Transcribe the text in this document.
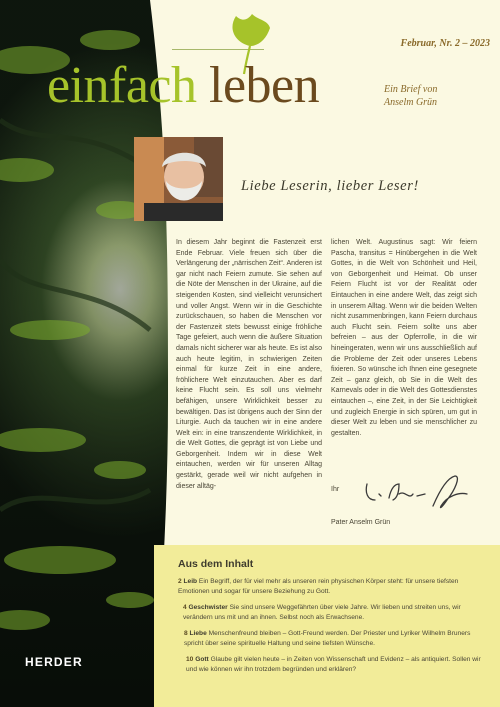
Februar, Nr. 2 – 2023
einfach leben	Ein Brief von
Anselm Grün
Liebe Leserin, lieber Leser!
In diesem Jahr beginnt die Fastenzeit erst Ende Februar. Viele freuen sich über die Verlängerung der „närrischen Zeit“. Anderen ist gar nicht nach Feiern zumute. Sie sehen auf die Nöte der Menschen in der Ukraine, auf die steigenden Kosten, sind vielleicht verunsichert und voller Angst. Wenn wir in die Geschichte zurückschauen, so haben die Menschen vor der Fastenzeit stets bewusst einige fröhliche Tage gefeiert, auch wenn die äußere Situation damals nicht sicherer war als heute. Es ist also auch heute legitim, in schwierigen Zeiten einmal für kurze Zeit in eine andere, fröhlichere Welt einzutauchen. Aber es darf keine Flucht sein. Es soll uns vielmehr befähigen, unsere Wirklichkeit besser zu bewältigen. Das ist übrigens auch der Sinn der Liturgie. Auch da tauchen wir in eine andere Welt ein: in eine transzendente Wirklichkeit, in die Welt Gottes, die geprägt ist von Liebe und Geborgenheit. Indem wir in diese Welt eintauchen, werden wir für unseren Alltag gestärkt, gerade weil wir nicht aufgehen in dieser alltäg-
lichen Welt. Augustinus sagt: Wir feiern Pascha, transitus = Hinübergehen in die Welt Gottes, in die Welt von Schönheit und Heil, von Geborgenheit und Heimat. Ob unser Feiern Flucht ist vor der Realität oder Eintauchen in eine andere Welt, das zeigt sich in unserem Alltag. Wenn wir die beiden Welten nicht zusammenbringen, kann Feiern durchaus auch Flucht sein. Feiern sollte uns aber befreien – aus der Opferrolle, in die wir hineingeraten, wenn wir uns ausschließlich auf die Probleme der Zeit oder unseres Lebens fixieren. So wünsche ich Ihnen eine gesegnete Zeit – ganz gleich, ob Sie in die Welt des Karnevals oder in die Welt des Gottesdienstes eintauchen –, eine Zeit, in der Sie Leichtigkeit und zugleich Energie in sich spüren, um gut in dieser Welt zu leben und sie menschlicher zu gestalten.
Ihr
Pater Anselm Grün
Aus dem Inhalt
2 Leib Ein Begriff, der für viel mehr als unseren rein physischen Körper steht: für unsere tiefsten Emotionen und sogar für unsere Beziehung zu Gott.
4 Geschwister Sie sind unsere Weggefährten über viele Jahre. Wir lieben und streiten uns, wir verändern uns mit und an ihnen. Selbst noch als Erwachsene.
8 Liebe Menschenfreund bleiben – Gott-Freund werden. Der Priester und Lyriker Wilhelm Bruners spricht über seine spirituelle Haltung und seine tiefsten Wünsche.
10 Gott Glaube gilt vielen heute – in Zeiten von Wissenschaft und Evidenz – als antiquiert. Sollen wir und wie können wir ihn trotzdem begründen und erklären?
HERDER
